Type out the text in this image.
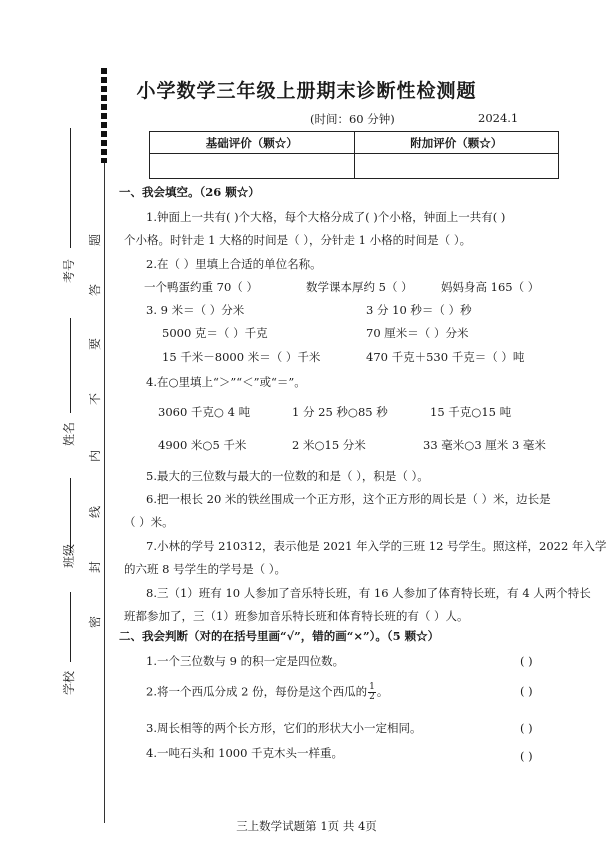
考号
姓名
班级
学校
题
答
要
不
内
线
封
密
小学数学三年级上册期末诊断性检测题
(时间：60 分钟)	2024.1
基础评价（颗☆）	附加评价（颗☆）

一、我会填空。（26 颗☆）
1.钟面上一共有( )个大格，每个大格分成了( )个小格，钟面上一共有( )
个小格。时针走 1 大格的时间是（ ），分针走 1 小格的时间是（ ）。
2.在（ ）里填上合适的单位名称。
一个鸭蛋约重 70（ ）	数学课本厚约 5（ ） 妈妈身高 165（ ）
3. 9 米＝（ ）分米	3 分 10 秒＝（ ）秒
5000 克＝（ ）千克	70 厘米＝（ ）分米
15 千米－8000 米＝（ ）千米	470 千克＋530 千克＝（ ）吨
4.在○里填上“＞”“＜”或“＝”。
3060 千克○ 4 吨	1 分 25 秒○85 秒	15 千克○15 吨
4900 米○5 千米	2 米○15 分米	33 毫米○3 厘米 3 毫米
5.最大的三位数与最大的一位数的和是（ ），积是（ ）。
6.把一根长 20 米的铁丝围成一个正方形，这个正方形的周长是（ ）米，边长是
（ ）米。
7.小林的学号 210312，表示他是 2021 年入学的三班 12 号学生。照这样，2022 年入学
的六班 8 号学生的学号是（ ）。
8.三（1）班有 10 人参加了音乐特长班，有 16 人参加了体育特长班，有 4 人两个特长
班都参加了，三（1）班参加音乐特长班和体育特长班的有（ ）人。
二、我会判断（对的在括号里画“√”，错的画“×”）。（5 颗☆）
1.一个三位数与 9 的积一定是四位数。	( )
2.将一个西瓜分成 2 份，每份是这个西瓜的 $\frac{1}{2}$ 。	( )
3.周长相等的两个长方形，它们的形状大小一定相同。	( )
4.一吨石头和 1000 千克木头一样重。	( )
三上数学试题第 1页 共 4页
